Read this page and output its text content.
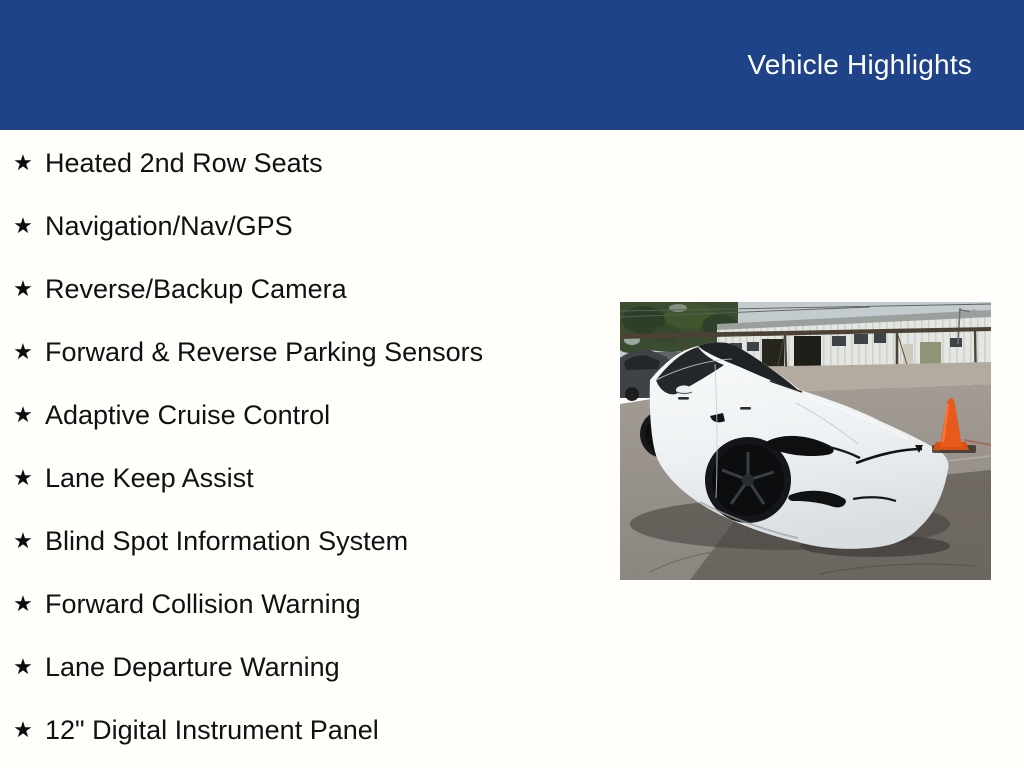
Vehicle Highlights
★ Heated 2nd Row Seats
★ Navigation/Nav/GPS
★ Reverse/Backup Camera
★ Forward & Reverse Parking Sensors
★ Adaptive Cruise Control
★ Lane Keep Assist
★ Blind Spot Information System
★ Forward Collision Warning
★ Lane Departure Warning
★ 12" Digital Instrument Panel
